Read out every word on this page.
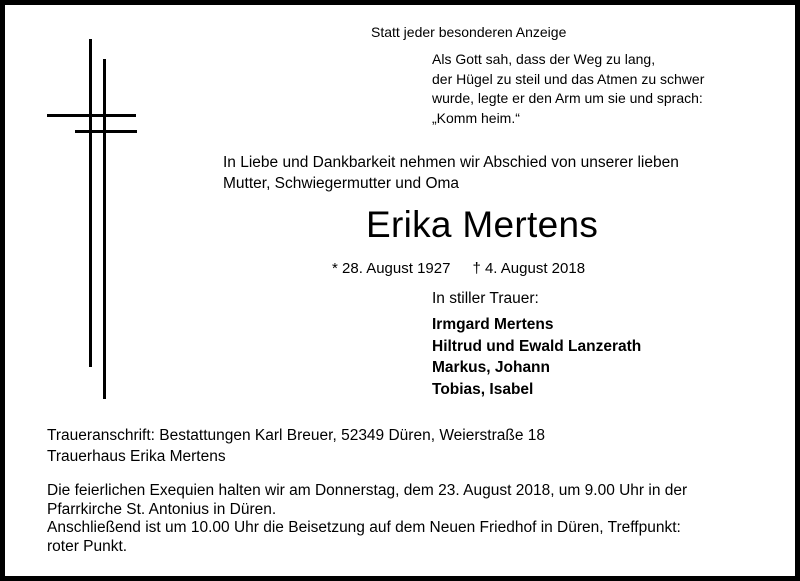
Statt jeder besonderen Anzeige
Als Gott sah, dass der Weg zu lang,
der Hügel zu steil und das Atmen zu schwer
wurde, legte er den Arm um sie und sprach:
„Komm heim.“
In Liebe und Dankbarkeit nehmen wir Abschied von unserer lieben
Mutter, Schwiegermutter und Oma
Erika Mertens
* 28. August 1927 † 4. August 2018
In stiller Trauer:
Irmgard Mertens
Hiltrud und Ewald Lanzerath
Markus, Johann
Tobias, Isabel
Traueranschrift: Bestattungen Karl Breuer, 52349 Düren, Weierstraße 18
Trauerhaus Erika Mertens
Die feierlichen Exequien halten wir am Donnerstag, dem 23. August 2018, um 9.00 Uhr in der
Pfarrkirche St. Antonius in Düren.
Anschließend ist um 10.00 Uhr die Beisetzung auf dem Neuen Friedhof in Düren, Treffpunkt:
roter Punkt.
